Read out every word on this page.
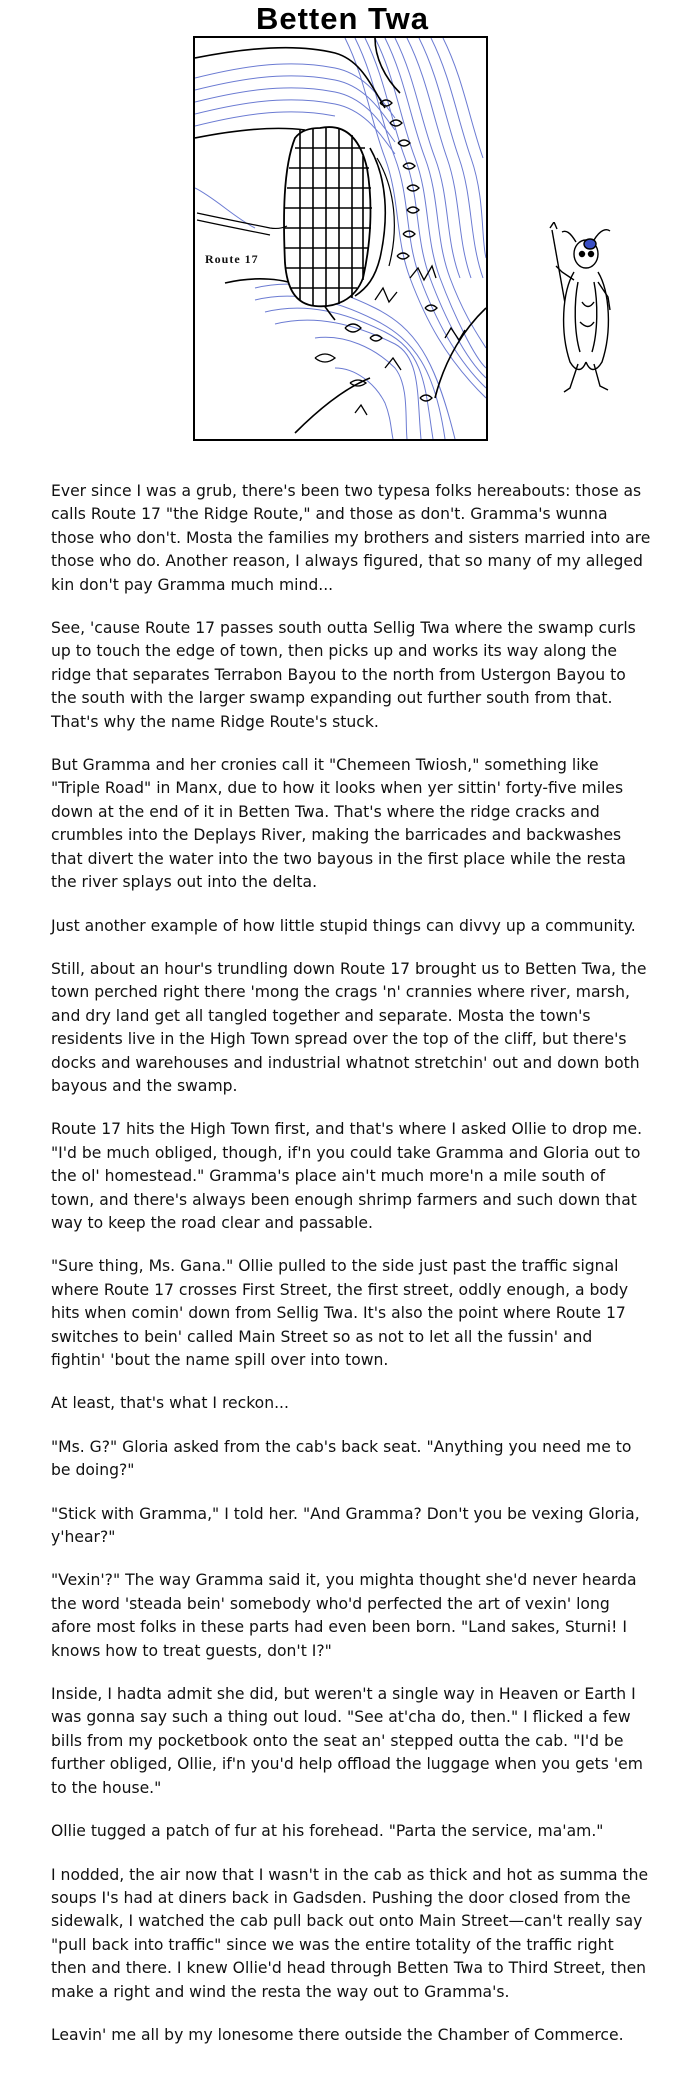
Betten Twa
Route 17

Ever since I was a grub, there's been two typesa folks hereabouts: those as calls Route 17 "the Ridge Route," and those as don't. Gramma's wunna those who don't. Mosta the families my brothers and sisters married into are those who do. Another reason, I always figured, that so many of my alleged kin don't pay Gramma much mind...

See, 'cause Route 17 passes south outta Sellig Twa where the swamp curls up to touch the edge of town, then picks up and works its way along the ridge that separates Terrabon Bayou to the north from Ustergon Bayou to the south with the larger swamp expanding out further south from that. That's why the name Ridge Route's stuck.

But Gramma and her cronies call it "Chemeen Twiosh," something like "Triple Road" in Manx, due to how it looks when yer sittin' forty-five miles down at the end of it in Betten Twa. That's where the ridge cracks and crumbles into the Deplays River, making the barricades and backwashes that divert the water into the two bayous in the first place while the resta the river splays out into the delta.

Just another example of how little stupid things can divvy up a community.

Still, about an hour's trundling down Route 17 brought us to Betten Twa, the town perched right there 'mong the crags 'n' crannies where river, marsh, and dry land get all tangled together and separate. Mosta the town's residents live in the High Town spread over the top of the cliff, but there's docks and warehouses and industrial whatnot stretchin' out and down both bayous and the swamp.

Route 17 hits the High Town first, and that's where I asked Ollie to drop me. "I'd be much obliged, though, if'n you could take Gramma and Gloria out to the ol' homestead." Gramma's place ain't much more'n a mile south of town, and there's always been enough shrimp farmers and such down that way to keep the road clear and passable.

"Sure thing, Ms. Gana." Ollie pulled to the side just past the traffic signal where Route 17 crosses First Street, the first street, oddly enough, a body hits when comin' down from Sellig Twa. It's also the point where Route 17 switches to bein' called Main Street so as not to let all the fussin' and fightin' 'bout the name spill over into town.

At least, that's what I reckon...

"Ms. G?" Gloria asked from the cab's back seat. "Anything you need me to be doing?"

"Stick with Gramma," I told her. "And Gramma? Don't you be vexing Gloria, y'hear?"

"Vexin'?" The way Gramma said it, you mighta thought she'd never hearda the word 'steada bein' somebody who'd perfected the art of vexin' long afore most folks in these parts had even been born. "Land sakes, Sturni! I knows how to treat guests, don't I?"

Inside, I hadta admit she did, but weren't a single way in Heaven or Earth I was gonna say such a thing out loud. "See at'cha do, then." I flicked a few bills from my pocketbook onto the seat an' stepped outta the cab. "I'd be further obliged, Ollie, if'n you'd help offload the luggage when you gets 'em to the house."

Ollie tugged a patch of fur at his forehead. "Parta the service, ma'am."

I nodded, the air now that I wasn't in the cab as thick and hot as summa the soups I's had at diners back in Gadsden. Pushing the door closed from the sidewalk, I watched the cab pull back out onto Main Street—can't really say "pull back into traffic" since we was the entire totality of the traffic right then and there. I knew Ollie'd head through Betten Twa to Third Street, then make a right and wind the resta the way out to Gramma's.

Leavin' me all by my lonesome there outside the Chamber of Commerce.
